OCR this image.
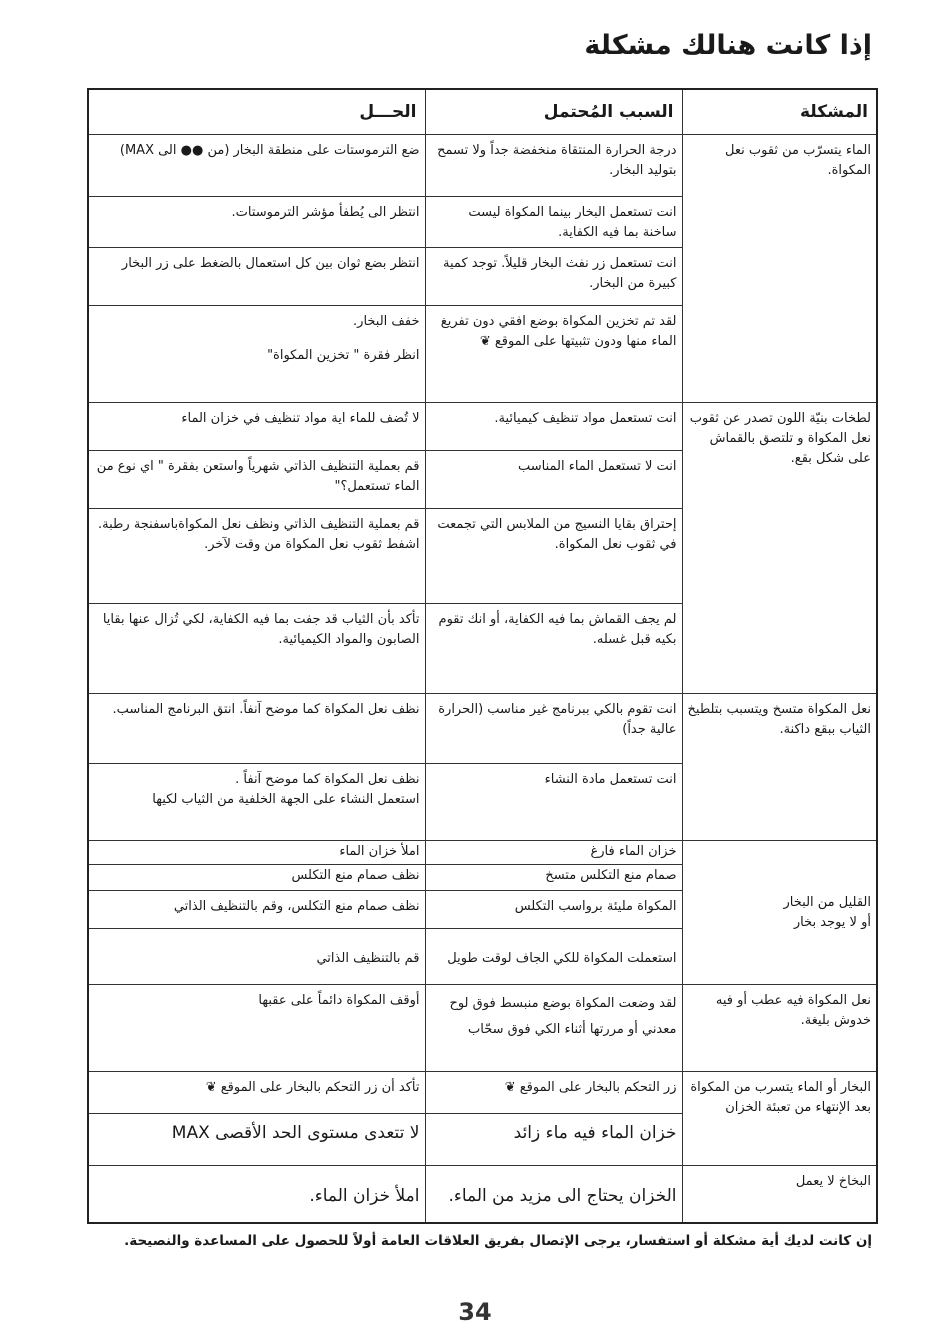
إذا كانت هنالك مشكلة
المشكلة	السبب المُحتمل	الحـــل
الماء يتسرّب من ثقوب نعل المكواة.	درجة الحرارة المنتقاة منخفضة جداً ولا تسمح بتوليد البخار.	ضع الترموستات على منطقة البخار (من ●● الى MAX)
	انت تستعمل البخار بينما المكواة ليست ساخنة بما فيه الكفاية.	انتظر الى يُطفأ مؤشر الترموستات.
	انت تستعمل زر نفث البخار قليلاً. توجد كمية كبيرة من البخار.	انتظر بضع ثوان بين كل استعمال بالضغط على زر البخار
	لقد تم تخزين المكواة بوضع افقي دون تفريغ الماء منها ودون تثبيتها على الموقع ❦	خفف البخار.
انظر فقرة " تخزين المكواة"

لطخات بنيّة اللون تصدر عن ثقوب نعل المكواة و تلتصق بالقماش على شكل بقع.	انت تستعمل مواد تنظيف كيميائية.	لا تُضف للماء اية مواد تنظيف في خزان الماء
	انت لا تستعمل الماء المناسب	قم بعملية التنظيف الذاتي شهرياً واستعن بفقرة " اي نوع من الماء تستعمل؟"
	إحتراق بقايا النسيج من الملابس التي تجمعت في ثقوب نعل المكواة.	قم بعملية التنظيف الذاتي ونظف نعل المكواةباسفنجة رطبة. اشفط ثقوب نعل المكواة من وقت لآخر.
	لم يجف القماش بما فيه الكفاية، أو انك تقوم بكيه قبل غسله.	تأكد بأن الثياب قد جفت بما فيه الكفاية، لكي تُزال عنها بقايا الصابون والمواد الكيميائية.
نعل المكواة متسخ ويتسبب بتلطيخ الثياب ببقع داكنة.	انت تقوم بالكي ببرنامج غير مناسب (الحرارة عالية جداً)	نظف نعل المكواة كما موضح آنفاً. انتق البرنامج المناسب.
	انت تستعمل مادة النشاء	نظف نعل المكواة كما موضح آنفاً .
استعمل النشاء على الجهة الخلفية من الثياب لكيها

القليل من البخار
أو لا يوجد بخار	خزان الماء فارغ	املأ خزان الماء
	صمام منع التكلس متسخ	نظف صمام منع التكلس
	المكواة مليئة برواسب التكلس	نظف صمام منع التكلس، وقم بالتنظيف الذاتي
	استعملت المكواة للكي الجاف لوقت طويل	قم بالتنظيف الذاتي
نعل المكواة فيه عطب أو فيه خدوش بليغة.	لقد وضعت المكواة بوضع منبسط فوق لوح معدني أو مررتها أثناء الكي فوق سحّاب	أوقف المكواة دائماً على عقبها
البخار أو الماء يتسرب من المكواة بعد الإنتهاء من تعبئة الخزان	زر التحكم بالبخار على الموقع ❦	تأكد أن زر التحكم بالبخار على الموقع ❦
	خزان الماء فيه ماء زائد	لا تتعدى مستوى الحد الأقصى MAX
البخاخ لا يعمل	الخزان يحتاج الى مزيد من الماء.	املأ خزان الماء.

إن كانت لديك أية مشكلة أو استفسار، يرجى الإتصال بفريق العلاقات العامة أولاً للحصول على المساعدة والنصيحة.

34
